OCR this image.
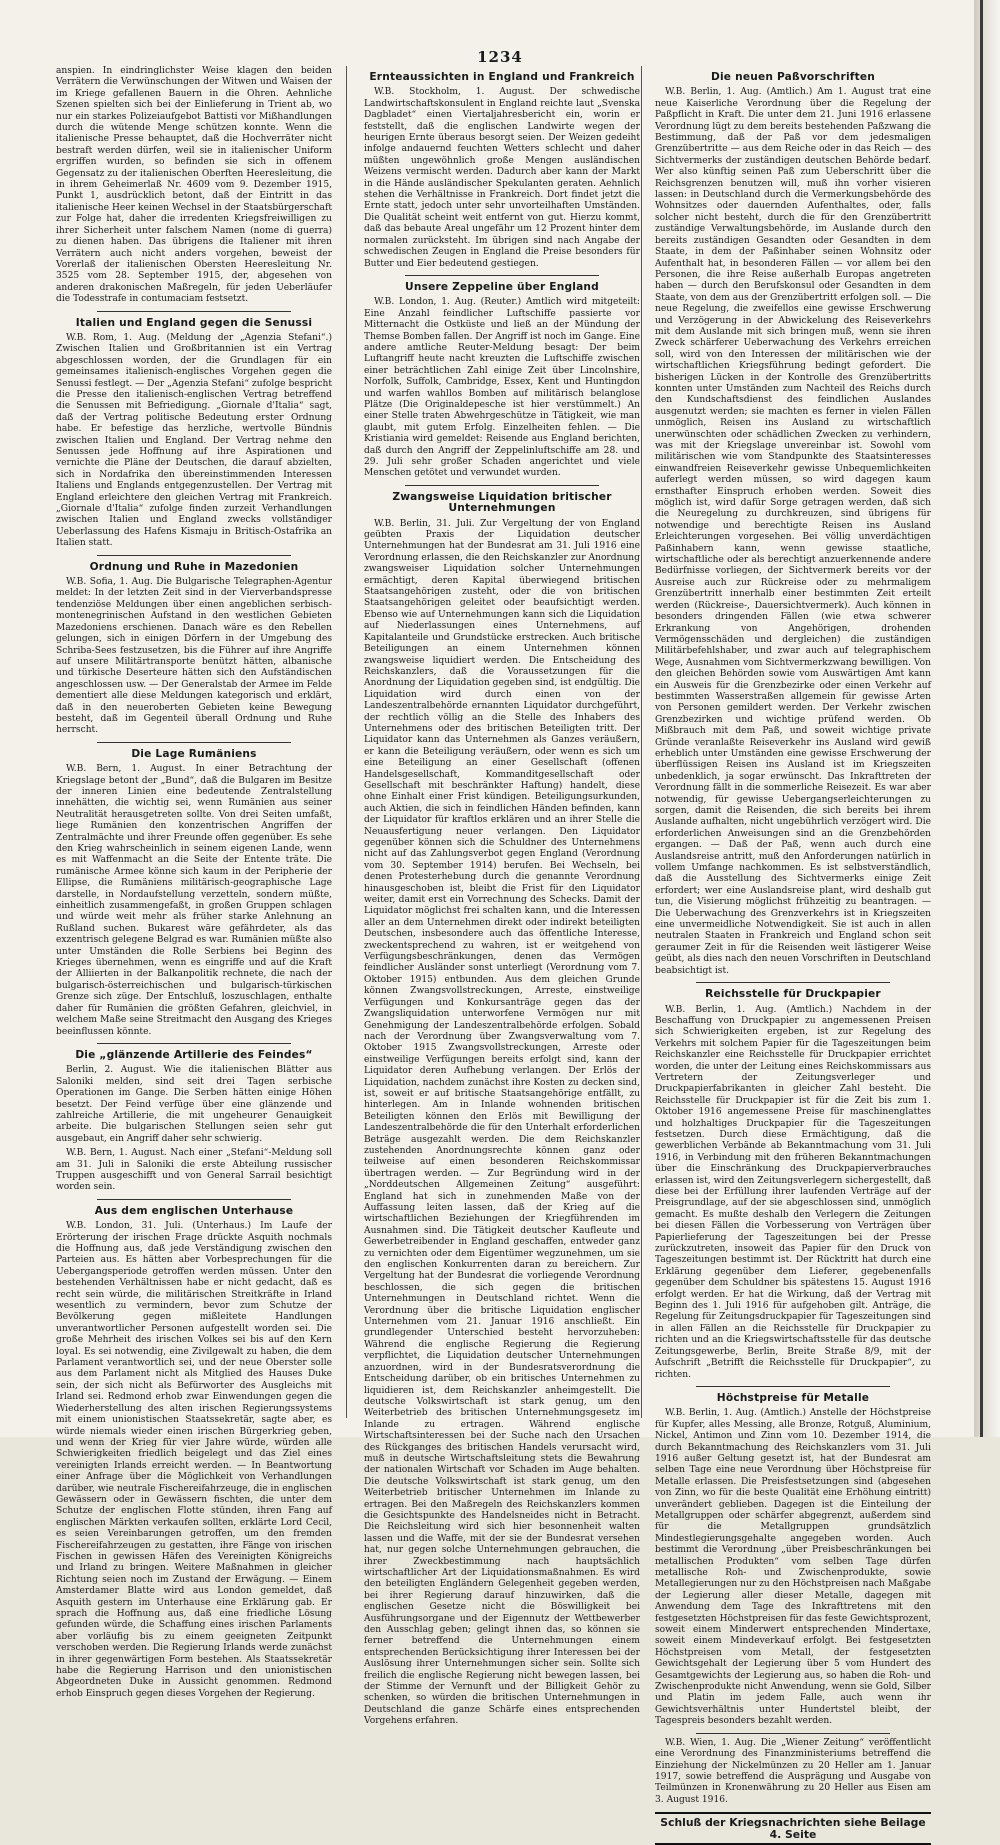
1234

anspien. In eindringlichster Weise klagen den beiden Verrätern die Verwünschungen der Witwen und Waisen der im Kriege gefallenen Bauern in die Ohren. Aehnliche Szenen spielten sich bei der Einlieferung in Trient ab, wo nur ein starkes Polizeiaufgebot Battisti vor Mißhandlungen durch die wütende Menge schützen konnte. Wenn die italienische Presse behauptet, daß die Hochverräter nicht bestraft werden dürfen, weil sie in italienischer Uniform ergriffen wurden, so befinden sie sich in offenem Gegensatz zu der italienischen Oberften Heeresleitung, die in ihrem Geheimerlaß Nr. 4609 vom 9. Dezember 1915, Punkt 1, ausdrücklich betont, daß der Eintritt in das italienische Heer keinen Wechsel in der Staatsbürgerschaft zur Folge hat, daher die irredenten Kriegsfreiwilligen zu ihrer Sicherheit unter falschem Namen (nome di guerra) zu dienen haben. Das übrigens die Italiener mit ihren Verrätern auch nicht anders vorgehen, beweist der Vorerlaß der italienischen Obersten Heeresleitung Nr. 3525 vom 28. September 1915, der, abgesehen von anderen drakonischen Maßregeln, für jeden Ueberläufer die Todesstrafe in contumaciam festsetzt.

Italien und England gegen die Senussi

W.B. Rom, 1. Aug. (Meldung der „Agenzia Stefani“.) Zwischen Italien und Großbritannien ist ein Vertrag abgeschlossen worden, der die Grundlagen für ein gemeinsames italienisch-englisches Vorgehen gegen die Senussi festlegt. — Der „Agenzia Stefani“ zufolge bespricht die Presse den italienisch-englischen Vertrag betreffend die Senussen mit Befriedigung. „Giornale d'Italia“ sagt, daß der Vertrag politische Bedeutung erster Ordnung habe. Er befestige das herzliche, wertvolle Bündnis zwischen Italien und England. Der Vertrag nehme den Senussen jede Hoffnung auf ihre Aspirationen und vernichte die Pläne der Deutschen, die darauf abzielten, sich in Nordafrika den übereinstimmenden Interessen Italiens und Englands entgegenzustellen. Der Vertrag mit England erleichtere den gleichen Vertrag mit Frankreich. „Giornale d'Italia“ zufolge finden zurzeit Verhandlungen zwischen Italien und England zwecks vollständiger Ueberlassung des Hafens Kismaju in Britisch-Ostafrika an Italien statt.

Ordnung und Ruhe in Mazedonien

W.B. Sofia, 1. Aug. Die Bulgarische Telegraphen-Agentur meldet: In der letzten Zeit sind in der Vierverbandspresse tendenziöse Meldungen über einen angeblichen serbisch-montenegrinischen Aufstand in den westlichen Gebieten Mazedoniens erschienen. Danach wäre es den Rebellen gelungen, sich in einigen Dörfern in der Umgebung des Schriba-Sees festzusetzen, bis die Führer auf ihre Angriffe auf unsere Militärtransporte benützt hätten, albanische und türkische Deserteure hätten sich den Aufständischen angeschlossen usw. — Der Generalstab der Armee im Felde dementiert alle diese Meldungen kategorisch und erklärt, daß in den neueroberten Gebieten keine Bewegung besteht, daß im Gegenteil überall Ordnung und Ruhe herrscht.

Die Lage Rumäniens

W.B. Bern, 1. August. In einer Betrachtung der Kriegslage betont der „Bund“, daß die Bulgaren im Besitze der inneren Linien eine bedeutende Zentralstellung innehätten, die wichtig sei, wenn Rumänien aus seiner Neutralität herausgetreten sollte. Von drei Seiten umfaßt, liege Rumänien den konzentrischen Angriffen der Zentralmächte und ihrer Freunde offen gegenüber. Es sehe den Krieg wahrscheinlich in seinem eigenen Lande, wenn es mit Waffenmacht an die Seite der Entente träte. Die rumänische Armee könne sich kaum in der Peripherie der Ellipse, die Rumäniens militärisch-geographische Lage darstelle, in Nordaufstellung verzetteln, sondern müßte, einheitlich zusammengefaßt, in großen Gruppen schlagen und würde weit mehr als früher starke Anlehnung an Rußland suchen. Bukarest wäre gefährdeter, als das exzentrisch gelegene Belgrad es war. Rumänien müßte also unter Umständen die Rolle Serbiens bei Beginn des Krieges übernehmen, wenn es eingriffe und auf die Kraft der Alliierten in der Balkanpolitik rechnete, die nach der bulgarisch-österreichischen und bulgarisch-türkischen Grenze sich züge. Der Entschluß, loszuschlagen, enthalte daher für Rumänien die größten Gefahren, gleichviel, in welchem Maße seine Streitmacht den Ausgang des Krieges beeinflussen könnte.

Die „glänzende Artillerie des Feindes“

Berlin, 2. August. Wie die italienischen Blätter aus Saloniki melden, sind seit drei Tagen serbische Operationen im Gange. Die Serben hätten einige Höhen besetzt. Der Feind verfüge über eine glänzende und zahlreiche Artillerie, die mit ungeheurer Genauigkeit arbeite. Die bulgarischen Stellungen seien sehr gut ausgebaut, ein Angriff daher sehr schwierig.

W.B. Bern, 1. August. Nach einer „Stefani“-Meldung soll am 31. Juli in Saloniki die erste Abteilung russischer Truppen ausgeschifft und von General Sarrail besichtigt worden sein.

Aus dem englischen Unterhause

W.B. London, 31. Juli. (Unterhaus.) Im Laufe der Erörterung der irischen Frage drückte Asquith nochmals die Hoffnung aus, daß jede Verständigung zwischen den Parteien aus. Es hätten aber Vorbesprechungen für die Uebergangsperiode getroffen werden müssen. Unter den bestehenden Verhältnissen habe er nicht gedacht, daß es recht sein würde, die militärischen Streitkräfte in Irland wesentlich zu vermindern, bevor zum Schutze der Bevölkerung gegen mißleitete Handlungen unverantwortlicher Personen aufgestellt worden sei. Die große Mehrheit des irischen Volkes sei bis auf den Kern loyal. Es sei notwendig, eine Zivilgewalt zu haben, die dem Parlament verantwortlich sei, und der neue Oberster solle aus dem Parlament nicht als Mitglied des Hauses Duke sein, der sich nicht als Befürworter des Ausgleichs mit Irland sei. Redmond erhob zwar Einwendungen gegen die Wiederherstellung des alten irischen Regierungssystems mit einem unionistischen Staatssekretär, sagte aber, es würde niemals wieder einen irischen Bürgerkrieg geben, und wenn der Krieg für vier Jahre würde, würden alle Schwierigkeiten friedlich beigelegt und das Ziel eines vereinigten Irlands erreicht werden. — In Beantwortung einer Anfrage über die Möglichkeit von Verhandlungen darüber, wie neutrale Fischereifahrzeuge, die in englischen Gewässern oder in Gewässern fischten, die unter dem Schutze der englischen Flotte stünden, ihren Fang auf englischen Märkten verkaufen sollten, erklärte Lord Cecil, es seien Vereinbarungen getroffen, um den fremden Fischereifahrzeugen zu gestatten, ihre Fänge von irischen Fischen in gewissen Häfen des Vereinigten Königreichs und Irland zu bringen. Weitere Maßnahmen in gleicher Richtung seien noch im Zustand der Erwägung. — Einem Amsterdamer Blatte wird aus London gemeldet, daß Asquith gestern im Unterhause eine Erklärung gab. Er sprach die Hoffnung aus, daß eine friedliche Lösung gefunden würde, die Schaffung eines irischen Parlaments aber vorläufig bis zu einem geeigneten Zeitpunkt verschoben werden. Die Regierung Irlands werde zunächst in ihrer gegenwärtigen Form bestehen. Als Staatssekretär habe die Regierung Harrison und den unionistischen Abgeordneten Duke in Aussicht genommen. Redmond erhob Einspruch gegen dieses Vorgehen der Regierung.

Ernteaussichten in England und Frankreich

W.B. Stockholm, 1. August. Der schwedische Landwirtschaftskonsulent in England reichte laut „Svenska Dagbladet“ einen Viertaljahresbericht ein, worin er feststellt, daß die englischen Landwirte wegen der heurigen Ernte überaus besorgt seien. Der Weizen gedeiht infolge andauernd feuchten Wetters schlecht und daher müßten ungewöhnlich große Mengen ausländischen Weizens vermischt werden. Dadurch aber kann der Markt in die Hände ausländischer Spekulanten geraten. Aehnlich stehen die Verhältnisse in Frankreich. Dort findet jetzt die Ernte statt, jedoch unter sehr unvorteilhaften Umständen. Die Qualität scheint weit entfernt von gut. Hierzu kommt, daß das bebaute Areal ungefähr um 12 Prozent hinter dem normalen zurücksteht. Im übrigen sind nach Angabe der schwedischen Zeugen in England die Preise besonders für Butter und Eier bedeutend gestiegen.

Unsere Zeppeline über England

W.B. London, 1. Aug. (Reuter.) Amtlich wird mitgeteilt: Eine Anzahl feindlicher Luftschiffe passierte vor Mitternacht die Ostküste und ließ an der Mündung der Themse Bomben fallen. Der Angriff ist noch im Gange. Eine andere amtliche Reuter-Meldung besagt: Der beim Luftangriff heute nacht kreuzten die Luftschiffe zwischen einer beträchtlichen Zahl einige Zeit über Lincolnshire, Norfolk, Suffolk, Cambridge, Essex, Kent und Huntingdon und warfen wahllos Bomben auf militärisch belanglose Plätze (Die Originaldepesche ist hier verstümmelt.) An einer Stelle traten Abwehrgeschütze in Tätigkeit, wie man glaubt, mit gutem Erfolg. Einzelheiten fehlen. — Die Kristiania wird gemeldet: Reisende aus England berichten, daß durch den Angriff der Zeppelinluftschiffe am 28. und 29. Juli sehr großer Schaden angerichtet und viele Menschen getötet und verwundet wurden.

Zwangsweise Liquidation britischer Unternehmungen

W.B. Berlin, 31. Juli. Zur Vergeltung der von England geübten Praxis der Liquidation deutscher Unternehmungen hat der Bundesrat am 31. Juli 1916 eine Verordnung erlassen, die den Reichskanzler zur Anordnung zwangsweiser Liquidation solcher Unternehmungen ermächtigt, deren Kapital überwiegend britischen Staatsangehörigen zusteht, oder die von britischen Staatsangehörigen geleitet oder beaufsichtigt werden. Ebenso wie auf Unternehmungen kann sich die Liquidation auf Niederlassungen eines Unternehmens, auf Kapitalanteile und Grundstücke erstrecken. Auch britische Beteiligungen an einem Unternehmen können zwangsweise liquidiert werden. Die Entscheidung des Reichskanzlers, daß die Voraussetzungen für die Anordnung der Liquidation gegeben sind, ist endgültig. Die Liquidation wird durch einen von der Landeszentralbehörde ernannten Liquidator durchgeführt, der rechtlich völlig an die Stelle des Inhabers des Unternehmens oder des britischen Beteiligten tritt. Der Liquidator kann das Unternehmen als Ganzes veräußern, er kann die Beteiligung veräußern, oder wenn es sich um eine Beteiligung an einer Gesellschaft (offenen Handelsgesellschaft, Kommanditgesellschaft oder Gesellschaft mit beschränkter Haftung) handelt, diese ohne Einhalt einer Frist kündigen. Beteiligungsurkunden, auch Aktien, die sich in feindlichen Händen befinden, kann der Liquidator für kraftlos erklären und an ihrer Stelle die Neuausfertigung neuer verlangen. Den Liquidator gegenüber können sich die Schuldner des Unternehmens nicht auf das Zahlungsverbot gegen England (Verordnung vom 30. September 1914) berufen. Bei Wechseln, bei denen Protesterhebung durch die genannte Verordnung hinausgeschoben ist, bleibt die Frist für den Liquidator weiter, damit erst ein Vorrechnung des Schecks. Damit der Liquidator möglichst frei schalten kann, und die Interessen aller an dem Unternehmen direkt oder indirekt beteiligten Deutschen, insbesondere auch das öffentliche Interesse, zweckentsprechend zu wahren, ist er weitgehend von Verfügungsbeschränkungen, denen das Vermögen feindlicher Ausländer sonst unterliegt (Verordnung vom 7. Oktober 1915) entbunden. Aus dem gleichen Grunde können Zwangsvollstreckungen, Arreste, einstweilige Verfügungen und Konkursanträge gegen das der Zwangsliquidation unterworfene Vermögen nur mit Genehmigung der Landeszentralbehörde erfolgen. Sobald nach der Verordnung über Zwangsverwaltung vom 7. Oktober 1915 Zwangsvollstreckungen, Arreste oder einstweilige Verfügungen bereits erfolgt sind, kann der Liquidator deren Aufhebung verlangen. Der Erlös der Liquidation, nachdem zunächst ihre Kosten zu decken sind, ist, soweit er auf britische Staatsangehörige entfällt, zu hinterlegen. Am in Inlande wohnenden britischen Beteiligten können den Erlös mit Bewilligung der Landeszentralbehörde die für den Unterhalt erforderlichen Beträge ausgezahlt werden. Die dem Reichskanzler zustehenden Anordnungsrechte können ganz oder teilweise auf einen besonderen Reichskommissar übertragen werden. — Zur Begründung wird in der „Norddeutschen Allgemeinen Zeitung“ ausgeführt: England hat sich in zunehmenden Maße von der Auffassung leiten lassen, daß der Krieg auf die wirtschaftlichen Beziehungen der Kriegführenden im Ausnahmen sind. Die Tätigkeit deutscher Kaufleute und Gewerbetreibender in England geschaffen, entweder ganz zu vernichten oder dem Eigentümer wegzunehmen, um sie den englischen Konkurrenten daran zu bereichern. Zur Vergeltung hat der Bundesrat die vorliegende Verordnung beschlossen, die sich gegen die britischen Unternehmungen in Deutschland richtet. Wenn die Verordnung über die britische Liquidation englischer Unternehmen vom 21. Januar 1916 anschließt. Ein grundlegender Unterschied besteht hervorzuheben: Während die englische Regierung die Regierung verpflichtet, die Liquidation deutscher Unternehmungen anzuordnen, wird in der Bundesratsverordnung die Entscheidung darüber, ob ein britisches Unternehmen zu liquidieren ist, dem Reichskanzler anheimgestellt. Die deutsche Volkswirtschaft ist stark genug, um den Weiterbetrieb des britischen Unternehmungsgesetz im Inlande zu ertragen. Während englische Wirtschaftsinteressen bei der Suche nach den Ursachen des Rückganges des britischen Handels verursacht wird, muß in deutsche Wirtschaftsleitung stets die Bewahrung der nationalen Wirtschaft vor Schaden im Auge behalten. Die deutsche Volkswirtschaft ist stark genug, um den Weiterbetrieb britischer Unternehmen im Inlande zu ertragen. Bei den Maßregeln des Reichskanzlers kommen die Gesichtspunkte des Handelsneides nicht in Betracht. Die Reichsleitung wird sich hier besonnenheit walten lassen und die Waffe, mit der sie der Bundesrat versehen hat, nur gegen solche Unternehmungen gebrauchen, die ihrer Zweckbestimmung nach hauptsächlich wirtschaftlicher Art der Liquidationsmaßnahmen. Es wird den beteiligten Engländern Gelegenheit gegeben werden, bei ihrer Regierung darauf hinzuwirken, daß die englischen Gesetze nicht die Böswilligkeit bei Ausführungsorgane und der Eigennutz der Wettbewerber den Ausschlag geben; gelingt ihnen das, so können sie ferner betreffend die Unternehmungen einem entsprechenden Berücksichtigung ihrer Interessen bei der Auslösung ihrer Unternehmungen sicher sein. Sollte sich freilich die englische Regierung nicht bewegen lassen, bei der Stimme der Vernunft und der Billigkeit Gehör zu schenken, so würden die britischen Unternehmungen in Deutschland die ganze Schärfe eines entsprechenden Vorgehens erfahren.

Die neuen Paßvorschriften

W.B. Berlin, 1. Aug. (Amtlich.) Am 1. August trat eine neue Kaiserliche Verordnung über die Regelung der Paßpflicht in Kraft. Die unter dem 21. Juni 1916 erlassene Verordnung lügt zu dem bereits bestehenden Paßzwang die Bestimmung, daß der Paß vor dem jedesmaligen Grenzübertritte — aus dem Reiche oder in das Reich — des Sichtvermerks der zuständigen deutschen Behörde bedarf. Wer also künftig seinen Paß zum Ueberschritt über die Reichsgrenzen benutzen will, muß ihn vorher visieren lassen: in Deutschland durch die Vermerkungsbehörde des Wohnsitzes oder dauernden Aufenthaltes, oder, falls solcher nicht besteht, durch die für den Grenzübertritt zuständige Verwaltungsbehörde, im Auslande durch den bereits zuständigen Gesandten oder Gesandten in dem Staate, in dem der Paßinhaber seinen Wohnsitz oder Aufenthalt hat, in besonderen Fällen — vor allem bei den Personen, die ihre Reise außerhalb Europas angetreten haben — durch den Berufskonsul oder Gesandten in dem Staate, von dem aus der Grenzübertritt erfolgen soll. — Die neue Regelung, die zweifellos eine gewisse Erschwerung und Verzögerung in der Abwickelung des Reiseverkehrs mit dem Auslande mit sich bringen muß, wenn sie ihren Zweck schärferer Ueberwachung des Verkehrs erreichen soll, wird von den Interessen der militärischen wie der wirtschaftlichen Kriegsführung bedingt gefordert. Die bisherigen Lücken in der Kontrolle des Grenzübertritts konnten unter Umständen zum Nachteil des Reichs durch den Kundschaftsdienst des feindlichen Auslandes ausgenutzt werden; sie machten es ferner in vielen Fällen unmöglich, Reisen ins Ausland zu wirtschaftlich unerwünschten oder schädlichen Zwecken zu verhindern, was mit der Kriegslage unvereinbar ist. Sowohl vom militärischen wie vom Standpunkte des Staatsinteresses einwandfreien Reiseverkehr gewisse Unbequemlichkeiten auferlegt werden müssen, so wird dagegen kaum ernsthafter Einspruch erhoben werden. Soweit dies möglich ist, wird dafür Sorge getragen werden, daß sich die Neuregelung zu durchkreuzen, sind übrigens für notwendige und berechtigte Reisen ins Ausland Erleichterungen vorgesehen. Bei völlig unverdächtigen Paßinhabern kann, wenn gewisse staatliche, wirtschaftliche oder als berechtigt anzuerkennende andere Bedürfnisse vorliegen, der Sichtvermerk bereits vor der Ausreise auch zur Rückreise oder zu mehrmaligem Grenzübertritt innerhalb einer bestimmten Zeit erteilt werden (Rückreise-, Dauersichtvermerk). Auch können in besonders dringenden Fällen (wie etwa schwerer Erkrankung von Angehörigen, drohenden Vermögensschäden und dergleichen) die zuständigen Militärbefehlshaber, und zwar auch auf telegraphischem Wege, Ausnahmen vom Sichtvermerkzwang bewilligen. Von den gleichen Behörden sowie vom Auswärtigen Amt kann ein Ausweis für die Grenzbezirke oder einen Verkehr auf bestimmten Wasserstraßen allgemein für gewisse Arten von Personen gemildert werden. Der Verkehr zwischen Grenzbezirken und wichtige prüfend werden. Ob Mißbrauch mit dem Paß, und soweit wichtige private Gründe veranlaßte Reiseverkehr ins Ausland wird gewiß erheblich unter Umständen eine gewisse Erschwerung der überflüssigen Reisen ins Ausland ist im Kriegszeiten unbedenklich, ja sogar erwünscht. Das Inkrafttreten der Verordnung fällt in die sommerliche Reisezeit. Es war aber notwendig, für gewisse Uebergangserleichterungen zu sorgen, damit die Reisenden, die sich bereits bei ihrem Auslande aufhalten, nicht ungebührlich verzögert wird. Die erforderlichen Anweisungen sind an die Grenzbehörden ergangen. — Daß der Paß, wenn auch durch eine Auslandsreise antritt, muß den Anforderungen natürlich in vollem Umfange nachkommen. Es ist selbstverständlich, daß die Ausstellung des Sichtvermerks einige Zeit erfordert; wer eine Auslandsreise plant, wird deshalb gut tun, die Visierung möglichst frühzeitig zu beantragen. — Die Ueberwachung des Grenzverkehrs ist in Kriegszeiten eine unvermeidliche Notwendigkeit. Sie ist auch in allen neutralen Staaten in Frankreich und England schon seit geraumer Zeit in für die Reisenden weit lästigerer Weise geübt, als dies nach den neuen Vorschriften in Deutschland beabsichtigt ist.

Reichsstelle für Druckpapier

W.B. Berlin, 1. Aug. (Amtlich.) Nachdem in der Beschaffung von Druckpapier zu angemessenen Preisen sich Schwierigkeiten ergeben, ist zur Regelung des Verkehrs mit solchem Papier für die Tageszeitungen beim Reichskanzler eine Reichsstelle für Druckpapier errichtet worden, die unter der Leitung eines Reichskommissars aus Vertretern der Zeitungsverleger und Druckpapierfabrikanten in gleicher Zahl besteht. Die Reichsstelle für Druckpapier ist für die Zeit bis zum 1. Oktober 1916 angemessene Preise für maschinenglattes und holzhaltiges Druckpapier für die Tageszeitungen festsetzen. Durch diese Ermächtigung, daß die gewerblichen Verbände ab Bekanntmachung vom 31. Juli 1916, in Verbindung mit den früheren Bekanntmachungen über die Einschränkung des Druckpapierverbrauches erlassen ist, wird den Zeitungsverlegern sichergestellt, daß diese bei der Erfüllung ihrer laufenden Verträge auf der Preisgrundlage, auf der sie abgeschlossen sind, unmöglich gemacht. Es mußte deshalb den Verlegern die Zeitungen bei diesen Fällen die Vorbesserung von Verträgen über Papierlieferung der Tageszeitungen bei der Presse zurückzutreten, insoweit das Papier für den Druck von Tageszeitungen bestimmt ist. Der Rücktritt hat durch eine Erklärung gegenüber dem Lieferer, gegebenenfalls gegenüber dem Schuldner bis spätestens 15. August 1916 erfolgt werden. Er hat die Wirkung, daß der Vertrag mit Beginn des 1. Juli 1916 für aufgehoben gilt. Anträge, die Regelung für Zeitungsdruckpapier für Tageszeitungen sind in allen Fällen an die Reichsstelle für Druckpapier zu richten und an die Kriegswirtschaftsstelle für das deutsche Zeitungsgewerbe, Berlin, Breite Straße 8/9, mit der Aufschrift „Betrifft die Reichsstelle für Druckpapier“, zu richten.

Höchstpreise für Metalle

W.B. Berlin, 1. Aug. (Amtlich.) Anstelle der Höchstpreise für Kupfer, alles Messing, alle Bronze, Rotguß, Aluminium, Nickel, Antimon und Zinn vom 10. Dezember 1914, die durch Bekanntmachung des Reichskanzlers vom 31. Juli 1916 außer Geltung gesetzt ist, hat der Bundesrat am selben Tage eine neue Verordnung über Höchstpreise für Metalle erlassen. Die Preisfestsetzungen sind (abgesehen von Zinn, wo für die beste Qualität eine Erhöhung eintritt) unverändert geblieben. Dagegen ist die Einteilung der Metallgruppen oder schärfer abgegrenzt, außerdem sind für die Metallgruppen grundsätzlich Mindestlegierungsgehalte angegeben worden. Auch bestimmt die Verordnung „über Preisbeschränkungen bei metallischen Produkten“ vom selben Tage dürfen metallische Roh- und Zwischenprodukte, sowie Metallegierungen nur zu den Höchstpreisen nach Maßgabe der Legierung aller dieser Metalle, dagegen mit Anwendung dem Tage des Inkrafttretens mit den festgesetzten Höchstpreisen für das feste Gewichtsprozent, soweit einem Minderwert entsprechenden Mindertaxe, soweit einem Mindeverkauf erfolgt. Bei festgesetzten Höchstpreisen vom Metall, der festgesetzten Gewichtsgehalt der Legierung über 5 vom Hundert des Gesamtgewichts der Legierung aus, so haben die Roh- und Zwischenprodukte nicht Anwendung, wenn sie Gold, Silber und Platin im jedem Falle, auch wenn ihr Gewichtsverhältnis unter Hundertstel bleibt, der Tagespreis besonders bezahlt werden.

W.B. Wien, 1. Aug. Die „Wiener Zeitung“ veröffentlicht eine Verordnung des Finanzministeriums betreffend die Einziehung der Nickelmünzen zu 20 Heller am 1. Januar 1917, sowie betreffend die Ausprägung und Ausgabe von Teilmünzen in Kronenwährung zu 20 Heller aus Eisen am 3. August 1916.

Schluß der Kriegsnachrichten siehe Beilage 4. Seite
